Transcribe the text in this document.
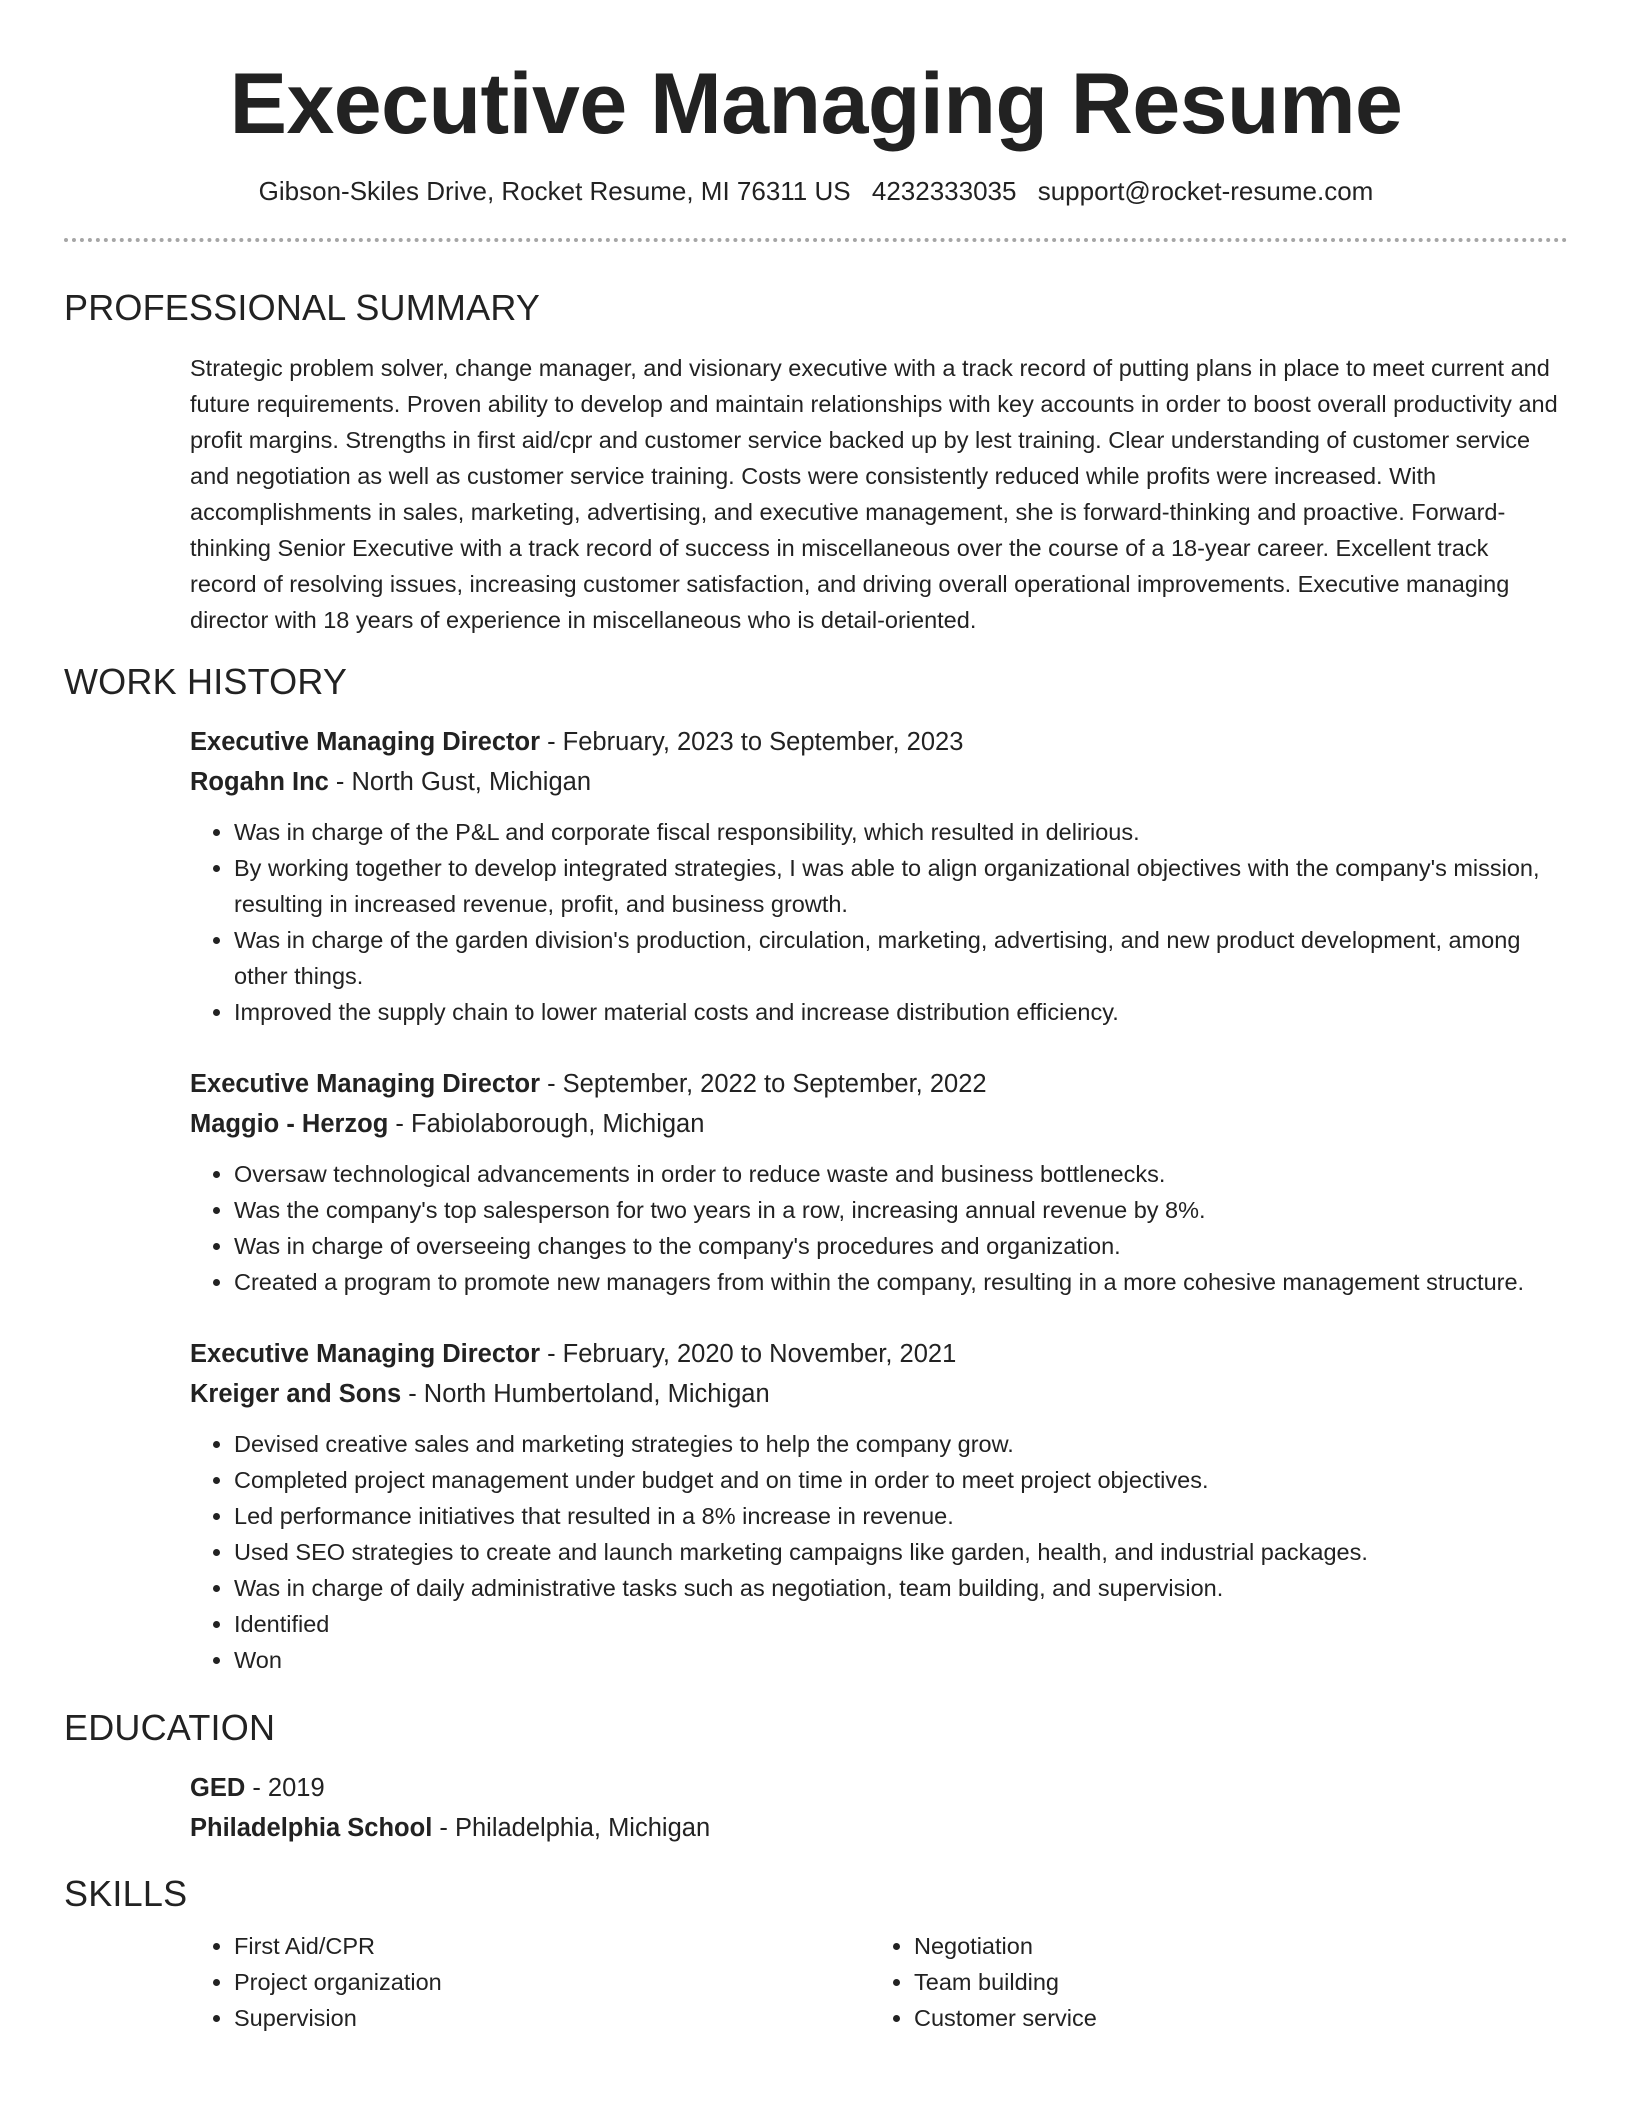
Executive Managing Resume
Gibson-Skiles Drive, Rocket Resume, MI 76311 US 4232333035 support@rocket-resume.com
PROFESSIONAL SUMMARY
Strategic problem solver, change manager, and visionary executive with a track record of putting plans in place to meet current and future requirements. Proven ability to develop and maintain relationships with key accounts in order to boost overall productivity and profit margins. Strengths in first aid/cpr and customer service backed up by lest training. Clear understanding of customer service and negotiation as well as customer service training. Costs were consistently reduced while profits were increased. With accomplishments in sales, marketing, advertising, and executive management, she is forward-thinking and proactive. Forward-thinking Senior Executive with a track record of success in miscellaneous over the course of a 18-year career. Excellent track record of resolving issues, increasing customer satisfaction, and driving overall operational improvements. Executive managing director with 18 years of experience in miscellaneous who is detail-oriented.
WORK HISTORY
Executive Managing Director - February, 2023 to September, 2023
Rogahn Inc - North Gust, Michigan
• Was in charge of the P&L and corporate fiscal responsibility, which resulted in delirious.
• By working together to develop integrated strategies, I was able to align organizational objectives with the company's mission, resulting in increased revenue, profit, and business growth.
• Was in charge of the garden division's production, circulation, marketing, advertising, and new product development, among other things.
• Improved the supply chain to lower material costs and increase distribution efficiency.
Executive Managing Director - September, 2022 to September, 2022
Maggio - Herzog - Fabiolaborough, Michigan
• Oversaw technological advancements in order to reduce waste and business bottlenecks.
• Was the company's top salesperson for two years in a row, increasing annual revenue by 8%.
• Was in charge of overseeing changes to the company's procedures and organization.
• Created a program to promote new managers from within the company, resulting in a more cohesive management structure.
Executive Managing Director - February, 2020 to November, 2021
Kreiger and Sons - North Humbertoland, Michigan
• Devised creative sales and marketing strategies to help the company grow.
• Completed project management under budget and on time in order to meet project objectives.
• Led performance initiatives that resulted in a 8% increase in revenue.
• Used SEO strategies to create and launch marketing campaigns like garden, health, and industrial packages.
• Was in charge of daily administrative tasks such as negotiation, team building, and supervision.
• Identified
• Won
EDUCATION
GED - 2019
Philadelphia School - Philadelphia, Michigan
SKILLS
• First Aid/CPR
• Project organization
• Supervision
• Negotiation
• Team building
• Customer service
